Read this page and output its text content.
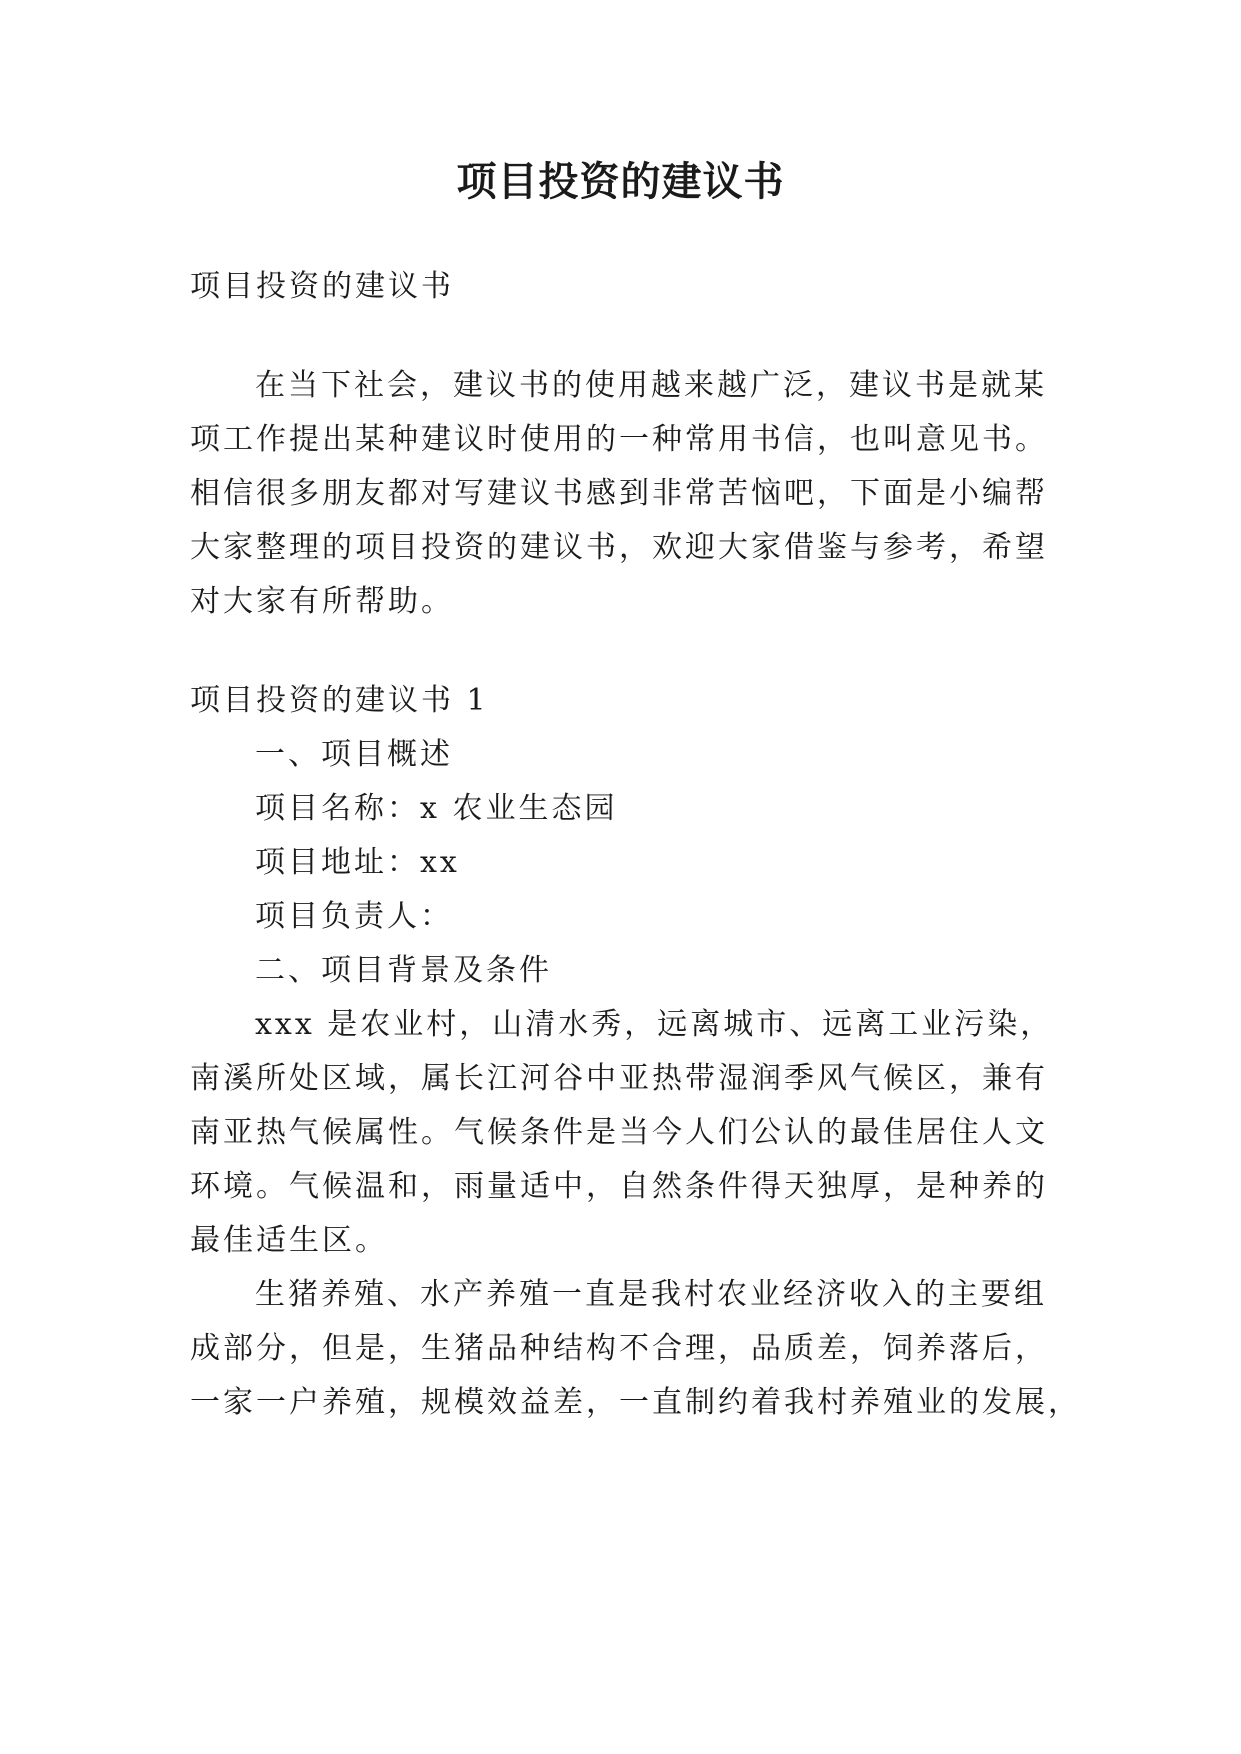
项目投资的建议书
项目投资的建议书
在当下社会，建议书的使用越来越广泛，建议书是就某
项工作提出某种建议时使用的一种常用书信，也叫意见书。
相信很多朋友都对写建议书感到非常苦恼吧，下面是小编帮
大家整理的项目投资的建议书，欢迎大家借鉴与参考，希望
对大家有所帮助。
项目投资的建议书 1
一、项目概述
项目名称：x 农业生态园
项目地址：xx
项目负责人：
二、项目背景及条件
xxx 是农业村，山清水秀，远离城市、远离工业污染，
南溪所处区域，属长江河谷中亚热带湿润季风气候区，兼有
南亚热气候属性。气候条件是当今人们公认的最佳居住人文
环境。气候温和，雨量适中，自然条件得天独厚，是种养的
最佳适生区。
生猪养殖、水产养殖一直是我村农业经济收入的主要组
成部分，但是，生猪品种结构不合理，品质差，饲养落后，
一家一户养殖，规模效益差，一直制约着我村养殖业的发展，
